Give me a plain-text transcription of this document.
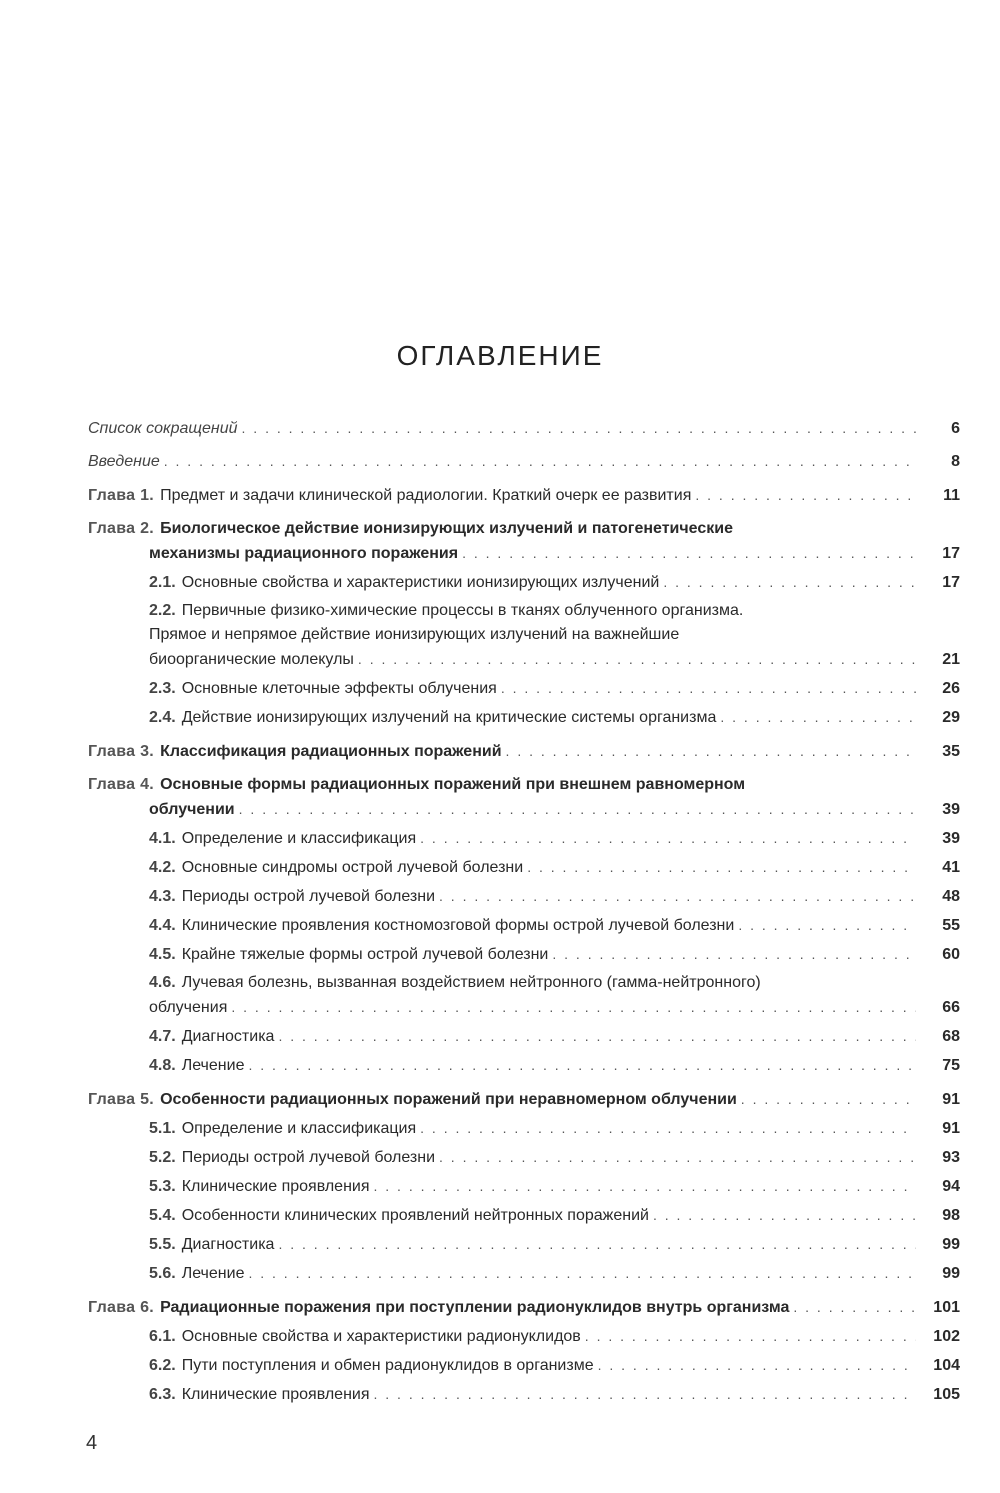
ОГЛАВЛЕНИЕ
Список сокращений . . .	6
Введение . . .	8
Глава 1. Предмет и задачи клинической радиологии. Краткий очерк ее развития . . .	11
Глава 2. Биологическое действие ионизирующих излучений и патогенетические
механизмы радиационного поражения . . .	17
2.1. Основные свойства и характеристики ионизирующих излучений . . .	17
2.2. Первичные физико-химические процессы в тканях облученного организма.
Прямое и непрямое действие ионизирующих излучений на важнейшие
биоорганические молекулы . . .	21
2.3. Основные клеточные эффекты облучения . . .	26
2.4. Действие ионизирующих излучений на критические системы организма . . .	29
Глава 3. Классификация радиационных поражений . . .	35
Глава 4. Основные формы радиационных поражений при внешнем равномерном
облучении . . .	39
4.1. Определение и классификация . . .	39
4.2. Основные синдромы острой лучевой болезни . . .	41
4.3. Периоды острой лучевой болезни . . .	48
4.4. Клинические проявления костномозговой формы острой лучевой болезни . . .	55
4.5. Крайне тяжелые формы острой лучевой болезни . . .	60
4.6. Лучевая болезнь, вызванная воздействием нейтронного (гамма-нейтронного)
облучения . . .	66
4.7. Диагностика . . .	68
4.8. Лечение . . .	75
Глава 5. Особенности радиационных поражений при неравномерном облучении . . .	91
5.1. Определение и классификация . . .	91
5.2. Периоды острой лучевой болезни . . .	93
5.3. Клинические проявления . . .	94
5.4. Особенности клинических проявлений нейтронных поражений . . .	98
5.5. Диагностика . . .	99
5.6. Лечение . . .	99
Глава 6. Радиационные поражения при поступлении радионуклидов внутрь организма . . .	101
6.1. Основные свойства и характеристики радионуклидов . . .	102
6.2. Пути поступления и обмен радионуклидов в организме . . .	104
6.3. Клинические проявления . . .	105
4
